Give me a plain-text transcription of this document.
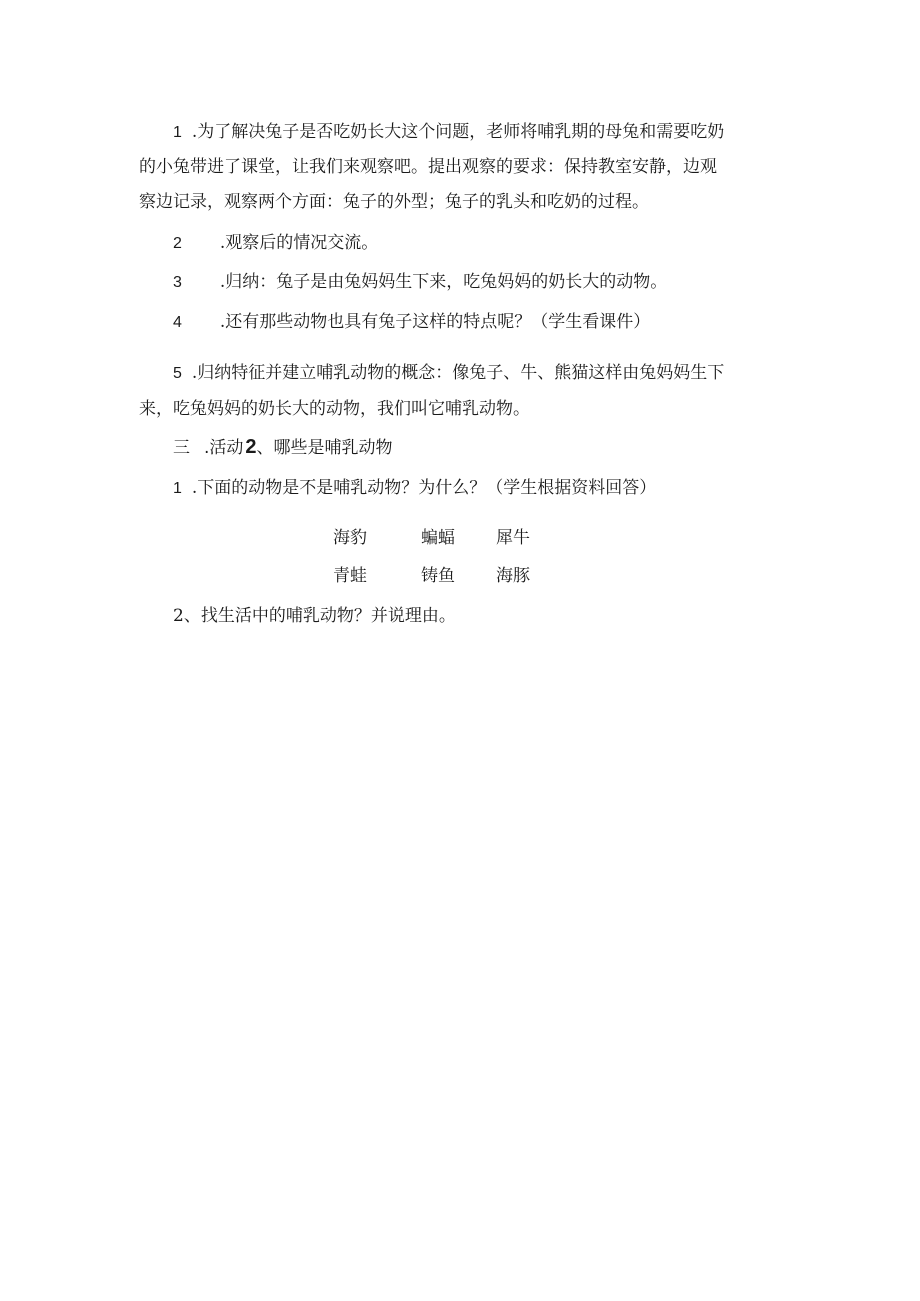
1 .为了解决兔子是否吃奶长大这个问题，老师将哺乳期的母兔和需要吃奶
的小兔带进了课堂，让我们来观察吧。提出观察的要求：保持教室安静，边观
察边记录，观察两个方面：兔子的外型；兔子的乳头和吃奶的过程。
2 .观察后的情况交流。
3 .归纳：兔子是由兔妈妈生下来，吃兔妈妈的奶长大的动物。
4 .还有那些动物也具有兔子这样的特点呢？（学生看课件）
5 .归纳特征并建立哺乳动物的概念：像兔子、牛、熊猫这样由兔妈妈生下
来，吃兔妈妈的奶长大的动物，我们叫它哺乳动物。
三 .活动 2、哪些是哺乳动物
1 .下面的动物是不是哺乳动物？为什么？（学生根据资料回答）
海豹	蝙蝠 犀牛
青蛙	铸鱼 海豚
2、找生活中的哺乳动物？并说理由。
